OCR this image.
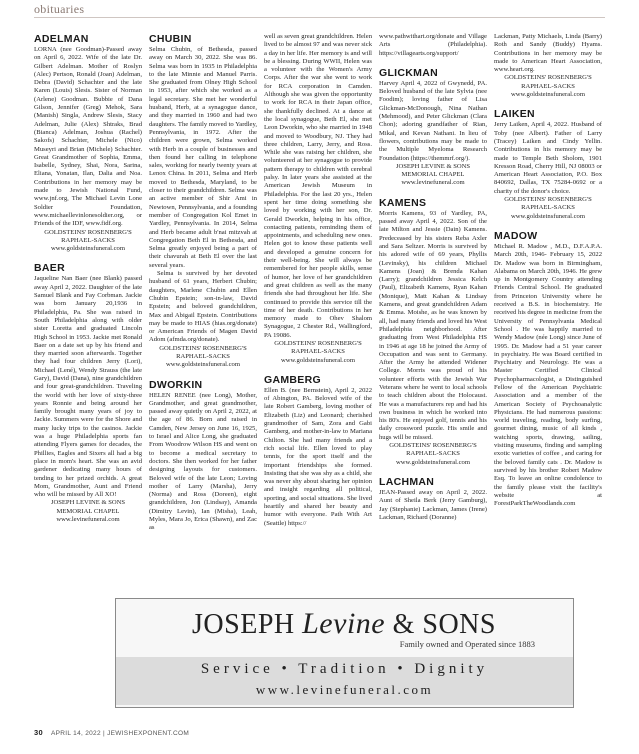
obituaries
ADELMAN

LORNA (nee Goodman)-Passed away on April 6, 2022. Wife of the late Dr. Gilbert Adelman. Mother of Roslyn (Alec) Pertson, Ronald (Joan) Adelman, Debra (David) Schachter and the late Karen (Louis) Slesis. Sister of Norman (Arlene) Goodman. Bubbie of Dana Gilson, Jennifer (Greg) Mehok, Sara (Manish) Singla, Andrew Slesis, Stacy Adelman, Julie (Alex) Shtraks, Brad (Bianca) Adelman, Joshua (Rachel) Sakofs) Schachter, Michele (Nico) Museyri and Brian (Michele) Schachter. Great Grandmother of Sophia, Emma, Isabelle, Sydney, Shai, Nora, Sarina, Eliana, Yonatan, Ilan, Dalia and Noa. Contributions in her memory may be made to Jewish National Fund, www.jnf.org, The Michael Levin Lone Soldier Foundation, www.michaellevinlonesoldier.org, or Friends of the IDF, www.fidf.org.

GOLDSTEINS' ROSENBERG'S RAPHAEL-SACKS www.goldsteinsfuneral.com

BAER

Jaqueline Nan Baer (nee Blank) passed away April 2, 2022. Daughter of the late Samuel Blank and Fay Corbman. Jackie was born January 20,1936 in Philadelphia, Pa. She was raised in South Philadelphia along with older sister Loretta and graduated Lincoln High School in 1953. Jackie met Ronald Baer on a date set up by his friend and they married soon afterwards. Together they had four children Jerry (Lori), Michael (Lené), Wendy Strauss (the late Gary), David (Dana), nine grandchildren and four great-grandchildren. Traveling the world with her love of sixty-three years Ronnie and being around her family brought many years of joy to Jackie. Summers were for the Shore and many lucky trips to the casinos. Jackie was a huge Philadelphia sports fan attending Flyers games for decades, the Phillies, Eagles and Sixers all had a big place in mom's heart. She was an avid gardener dedicating many hours of tending to her prized orchids. A great Mom, Grandmother, Aunt and Friend who will be missed by All XO!

JOSEPH LEVINE & SONS MEMORIAL CHAPEL www.levinefuneral.com

CHUBIN

Selma Chubin, of Bethesda, passed away on March 30, 2022. She was 86. Selma was born in 1935 in Philadelphia to the late Minnie and Manuel Parris. She graduated from Olney High School in 1953, after which she worked as a legal secretary. She met her wonderful husband, Herb, at a synagogue dance, and they married in 1960 and had two daughters. The family moved to Yardley, Pennsylvania, in 1972. After the children were grown, Selma worked with Herb in a couple of businesses and then found her calling in telephone sales, working for nearly twenty years at Lenox China. In 2011, Selma and Herb moved to Bethesda, Maryland, to be closer to their grandchildren. Selma was an active member of Shir Ami in Newtown, Pennsylvania, and a founding member of Congregation Kol Emet in Yardley, Pennsylvania. In 2014, Selma and Herb became adult b'nai mitzvah at Congregation Beth El in Bethesda, and Selma greatly enjoyed being a part of their chavurah at Beth El over the last several years.

Selma is survived by her devoted husband of 61 years, Herbert Chubin; daughters, Marlene Chubin and Ellen Chubin Epstein; son-in-law, David Epstein; and beloved grandchildren, Max and Abigail Epstein. Contributions may be made to HIAS (hias.org/donate) or American Friends of Magen David Adom (afmda.org/donate).

GOLDSTEINS' ROSENBERG'S RAPHAEL-SACKS www.goldsteinsfuneral.com

DWORKIN

HELEN RENEE (nee Long), Mother, Grandmother, and great grandmother, passed away quietly on April 2, 2022, at the age of 86. Born and raised in Camden, New Jersey on June 16, 1925, to Israel and Alice Long, she graduated From Woodrow Wilson HS and went on to become a medical secretary to doctors. She then worked for her father designing layouts for customers. Beloved wife of the late Leon; Loving mother of Larry (Marsha), Jerry (Norma) and Ross (Doreen), eight grandchildren, Jon (Lindsay), Amanda (Dimitry Levin), Ian (Misha), Leah, Myles, Mara Jo, Erica (Shawn), and Zac as

well as seven great grandchildren. Helen lived to be almost 97 and was never sick a day in her life. Her memory is and will be a blessing. During WWII, Helen was a volunteer with the Women's Army Corps. After the war she went to work for RCA corporation in Camden. Although she was given the opportunity to work for RCA in their Japan office, she thankfully declined. At a dance at the local synagogue, Beth El, she met Leon Dworkin, who she married in 1948 and moved to Woodbury, NJ. They had three children, Larry, Jerry, and Ross. While she was raising her children, she volunteered at her synagogue to provide pattern therapy to children with cerebral palsy. In later years she assisted at the American Jewish Museum in Philadelphia. For the last 20 yrs., Helen spent her time doing something she loved by working with her son, Dr. Gerald Dworkin, helping in his office, contacting patients, reminding them of appointments, and scheduling new ones. Helen got to know these patients well and developed a genuine concern for their well-being. She will always be remembered for her people skills, sense of humor, her love of her grandchildren and great children as well as the many friends she had throughout her life. She continued to provide this service till the time of her death. Contributions in her memory made to Ohev Shalom Synagogue, 2 Chester Rd., Wallingford, PA 19086.

GOLDSTEINS' ROSENBERG'S RAPHAEL-SACKS www.goldsteinsfuneral.com

GAMBERG

Ellen B. (nee Bernstein), April 2, 2022 of Abington, PA. Beloved wife of the late Robert Gamberg, loving mother of Elizabeth (Liz) and Leonard; cherished grandmother of Sam, Zora and Gabi Gamberg, and mother-in-law to Mariana Chilton. She had many friends and a rich social life. Ellen loved to play tennis, for the sport itself and the important friendships she formed. Insisting that she was shy as a child, she was never shy about sharing her opinion and insight regarding all political, sporting, and social situations. She lived heartily and shared her beauty and humor with everyone. Path With Art (Seattle) https://

www.pathwithart.org/donate and Village Arts (Philadelphia). https://villagearts.org/support/

GLICKMAN

Harvey April 4, 2022 of Gwynedd, PA. Beloved husband of the late Sylvia (nee Foodim); loving father of Lisa Glickman-McDonough, Nina Nathan (Mehmood), and Peter Glickman (Clara Chon); adoring grandfather of Rian, Mikal, and Kevan Nathani. In lieu of flowers, contributions may be made to the Multiple Myeloma Research Foundation (https://themmrf.org/).

JOSEPH LEVINE & SONS MEMORIAL CHAPEL www.levinefuneral.com

KAMENS

Morris Kamens, 93 of Yardley, PA, passed away April 4, 2022. Son of the late Milton and Jessie (Dain) Kamens. Predeceased by his sisters Reba Axler and Sara Seltzer. Morris is survived by his adored wife of 69 years, Phyllis (Levinsky), his children Michael Kamens (Joan) & Brenda Kahan (Larry); grandchildren Jessica Kelch (Paul), Elizabeth Kamens, Ryan Kahan (Monique), Matt Kahan & Lindsay Kamens, and great grandchildren Adam & Emma. Moishe, as he was known by all, had many friends and loved his West Philadelphia neighborhood. After graduating from West Philadelphia HS in 1946 at age 18 he joined the Army of Occupation and was sent to Germany. After the Army he attended Widener College. Morris was proud of his volunteer efforts with the Jewish War Veterans where he went to local schools to teach children about the Holocaust. He was a manufacturers rep and had his own business in which he worked into his 80's. He enjoyed golf, tennis and his daily crossword puzzle. His smile and hugs will be missed.

GOLDSTEINS' ROSENBERG'S RAPHAEL-SACKS www.goldsteinsfuneral.com

LACHMAN

JEAN-Passed away on April 2, 2022. Aunt of Sheila Berk (Jerry Gamburg), Jay (Stephanie) Lackman, James (Irene) Lackman, Richard (Doranne)

Lackman, Patty Michaels, Linda (Barry) Roth and Sandy (Buddy) Hyams. Contributions in her memory may be made to American Heart Association, www.heart.org.

GOLDSTEINS' ROSENBERG'S RAPHAEL-SACKS www.goldsteinsfuneral.com

LAIKEN

Jerry Laiken, April 4, 2022. Husband of Toby (nee Albert). Father of Larry (Tracey) Laiken and Cindy Yellin. Contributions in his memory may be made to Temple Beth Sholom, 1901 Kresson Road, Cherry Hill, NJ 08003 or American Heart Association, P.O. Box 840692, Dallas, TX 75284-0692 or a charity of the donor's choice.

GOLDSTEINS' ROSENBERG'S RAPHAEL-SACKS www.goldsteinsfuneral.com

MADOW

Michael R. Madow , M.D., D.F.A.P.A. March 20th, 1946- February 15, 2022 Dr. Madow was born in Birmingham, Alabama on March 20th, 1946. He grew up in Montgomery Country attending Friends Central School. He graduated from Princeton University where he received a B.S. in biochemistry. He received his degree in medicine from the University of Pennsylvania Medical School . He was happily married to Wendy Madow (née Long) since June of 1995. Dr. Madow had a 51 year career in psychiatry. He was Board certified in Psychiatry and Neurology. He was a Master Certified Clinical Psychopharmacologist, a Distinguished Fellow of the American Psychiatric Association and a member of the American Society of Psychoanalytic Physicians. He had numerous passions: world traveling, reading, body surfing, gourmet dining, music of all kinds , watching sports, drawing, sailing, visiting museums, finding and sampling exotic varieties of coffee , and caring for the beloved family cats . Dr. Madow is survived by his brother Robert Madow Esq. To leave an online condolence to the family please visit the facility's website at ForestParkTheWoodlands.com

JOSEPH Levine & SONS
Family owned and Operated since 1883
Service • Tradition • Dignity
www.levinefuneral.com
30 APRIL 14, 2022 | JEWISHEXPONENT.COM
